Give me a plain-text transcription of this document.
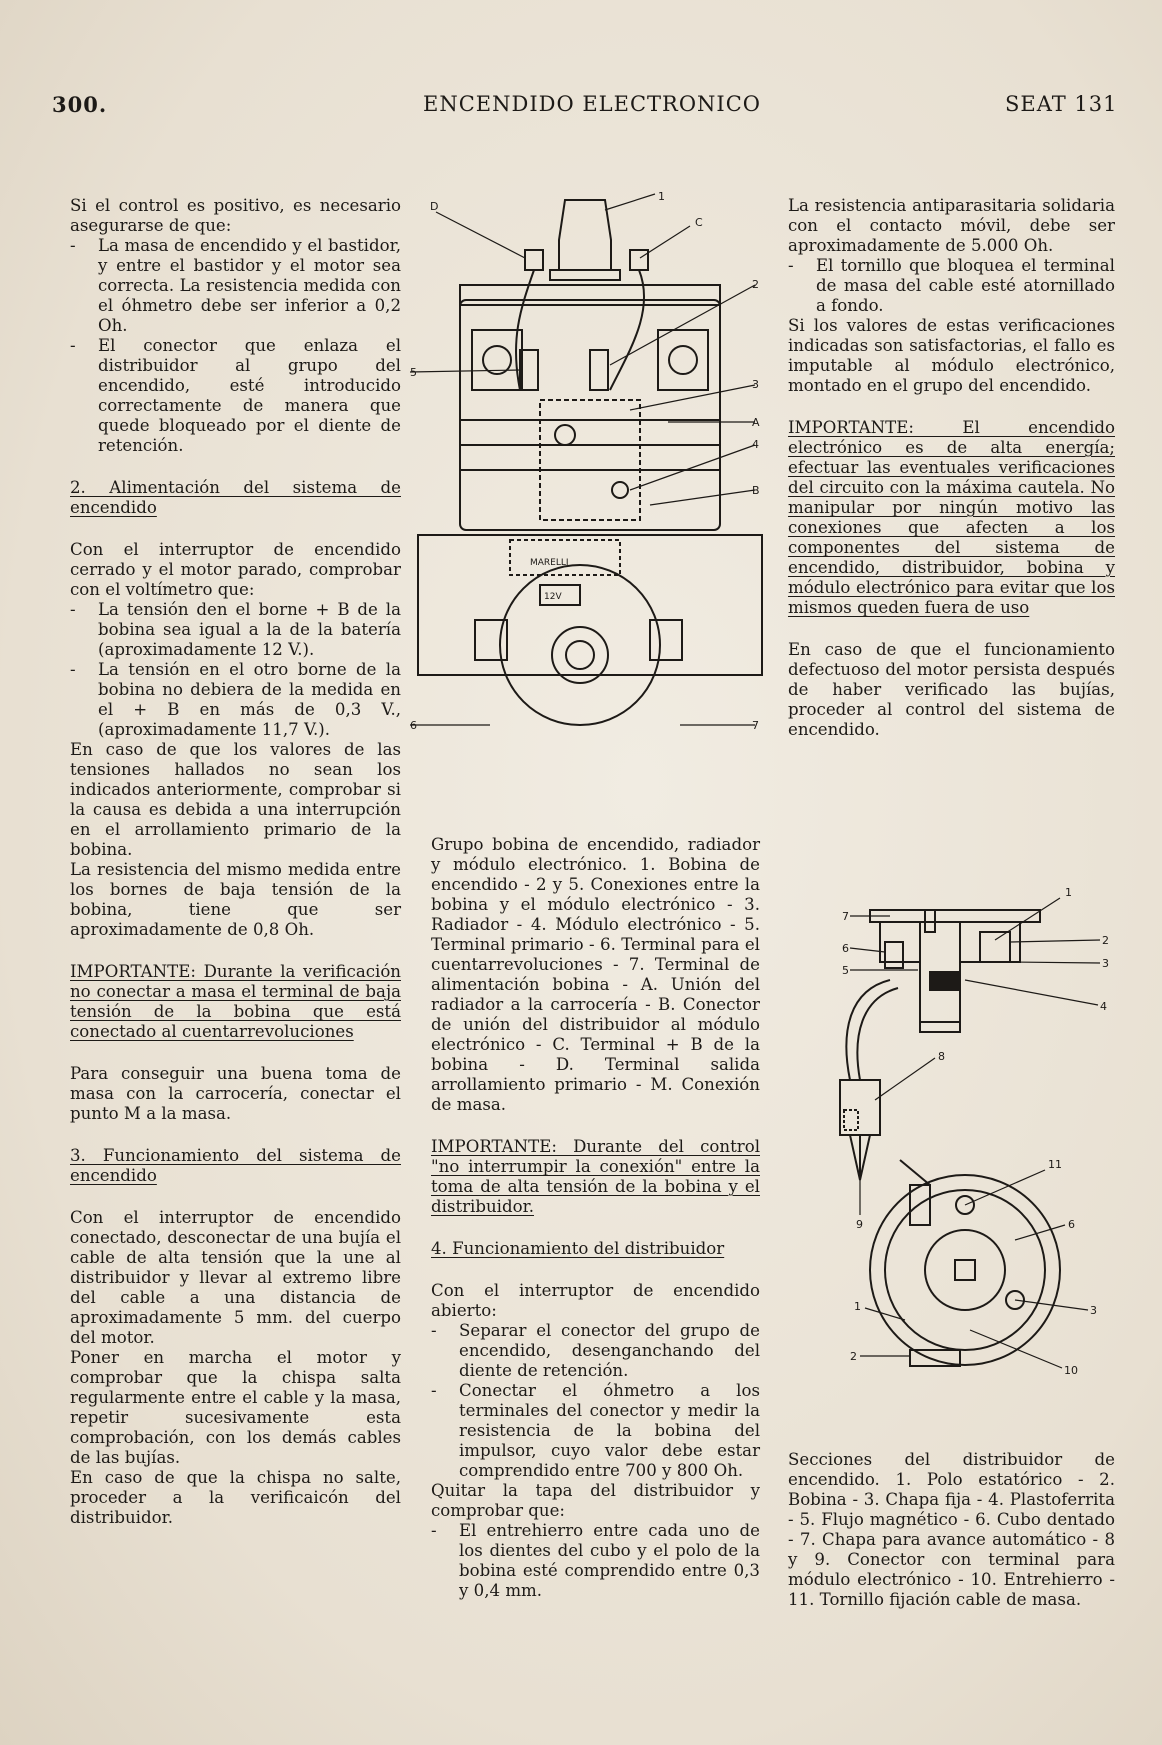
300.	ENCENDIDO ELECTRONICO	SEAT 131

Si el control es positivo, es necesario asegurarse de que:

-	La masa de encendido y el bastidor, y entre el bastidor y el motor sea correcta. La resistencia medida con el óhmetro debe ser inferior a 0,2 Oh.
-	El conector que enlaza el distribuidor al grupo del encendido, esté introducido correctamente de manera que quede bloqueado por el diente de retención.

2. Alimentación del sistema de encendido

Con el interruptor de encendido cerrado y el motor parado, comprobar con el voltímetro que:

-	La tensión den el borne + B de la bobina sea igual a la de la batería (aproximadamente 12 V.).
-	La tensión en el otro borne de la bobina no debiera de la medida en el + B en más de 0,3 V., (aproximadamente 11,7 V.).

En caso de que los valores de las tensiones hallados no sean los indicados anteriormente, comprobar si la causa es debida a una interrupción en el arrollamiento primario de la bobina.

La resistencia del mismo medida entre los bornes de baja tensión de la bobina, tiene que ser aproximadamente de 0,8 Oh.

IMPORTANTE: Durante la verificación no conectar a masa el terminal de baja tensión de la bobina que está conectado al cuentarrevoluciones

Para conseguir una buena toma de masa con la carrocería, conectar el punto M a la masa.

3. Funcionamiento del sistema de encendido

Con el interruptor de encendido conectado, desconectar de una bujía el cable de alta tensión que la une al distribuidor y llevar al extremo libre del cable a una distancia de aproximadamente 5 mm. del cuerpo del motor.

Poner en marcha el motor y comprobar que la chispa salta regularmente entre el cable y la masa, repetir sucesivamente esta comprobación, con los demás cables de las bujías.

En caso de que la chispa no salte, proceder a la verificaicón del distribuidor.

D
1
C
2
5
3
A
4
B
6	7
MARELLI
12V

Grupo bobina de encendido, radiador y módulo electrónico. 1. Bobina de encendido - 2 y 5. Conexiones entre la bobina y el módulo electrónico - 3. Radiador - 4. Módulo electrónico - 5. Terminal primario - 6. Terminal para el cuentarrevoluciones - 7. Terminal de alimentación bobina - A. Unión del radiador a la carrocería - B. Conector de unión del distribuidor al módulo electrónico - C. Terminal + B de la bobina - D. Terminal salida arrollamiento primario - M. Conexión de masa.

IMPORTANTE: Durante del control "no interrumpir la conexión" entre la toma de alta tensión de la bobina y el distribuidor.

4. Funcionamiento del distribuidor

Con el interruptor de encendido abierto:

-	Separar el conector del grupo de encendido, desenganchando del diente de retención.
-	Conectar el óhmetro a los terminales del conector y medir la resistencia de la bobina del impulsor, cuyo valor debe estar comprendido entre 700 y 800 Oh.

Quitar la tapa del distribuidor y comprobar que:

-	El entrehierro entre cada uno de los dientes del cubo y el polo de la bobina esté comprendido entre 0,3 y 0,4 mm.

La resistencia antiparasitaria solidaria con el contacto móvil, debe ser aproximadamente de 5.000 Oh.

-	El tornillo que bloquea el terminal de masa del cable esté atornillado a fondo.

Si los valores de estas verificaciones indicadas son satisfactorias, el fallo es imputable al módulo electrónico, montado en el grupo del encendido.

IMPORTANTE: El encendido electrónico es de alta energía; efectuar las eventuales verificaciones del circuito con la máxima cautela. No manipular por ningún motivo las conexiones que afecten a los componentes del sistema de encendido, distribuidor, bobina y módulo electrónico para evitar que los mismos queden fuera de uso

En caso de que el funcionamiento defectuoso del motor persista después de haber verificado las bujías, proceder al control del sistema de encendido.

1
7
2
6
3
5
4
8
9
11
6
1	3
2
10

Secciones del distribuidor de encendido. 1. Polo estatórico - 2. Bobina - 3. Chapa fija - 4. Plastoferrita - 5. Flujo magnético - 6. Cubo dentado - 7. Chapa para avance automático - 8 y 9. Conector con terminal para módulo electrónico - 10. Entrehierro - 11. Tornillo fijación cable de masa.
